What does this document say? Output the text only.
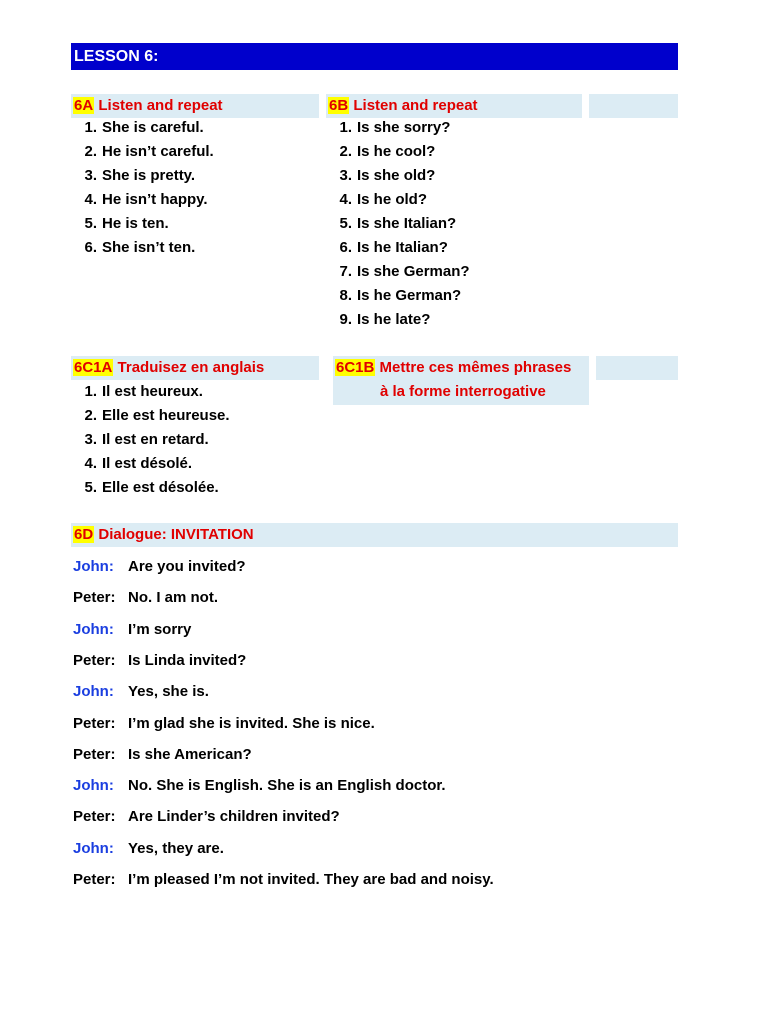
LESSON 6:
6A Listen and repeat	6B Listen and repeat
1. She is careful.
2. He isn’t careful.
3. She is pretty.
4. He isn’t happy.
5. He is ten.
6. She isn’t ten.
1. Is she sorry?
2. Is he cool?
3. Is she old?
4. Is he old?
5. Is she Italian?
6. Is he Italian?
7. Is she German?
8. Is he German?
9. Is he late?
6C1A Traduisez en anglais	6C1B Mettre ces mêmes phrases
à la forme interrogative
1. Il est heureux.
2. Elle est heureuse.
3. Il est en retard.
4. Il est désolé.
5. Elle est désolée.
6D Dialogue: INVITATION
John: Are you invited?
Peter: No. I am not.
John: I’m sorry
Peter: Is Linda invited?
John: Yes, she is.
Peter: I’m glad she is invited. She is nice.
Peter: Is she American?
John: No. She is English. She is an English doctor.
Peter: Are Linder’s children invited?
John: Yes, they are.
Peter: I’m pleased I’m not invited. They are bad and noisy.
